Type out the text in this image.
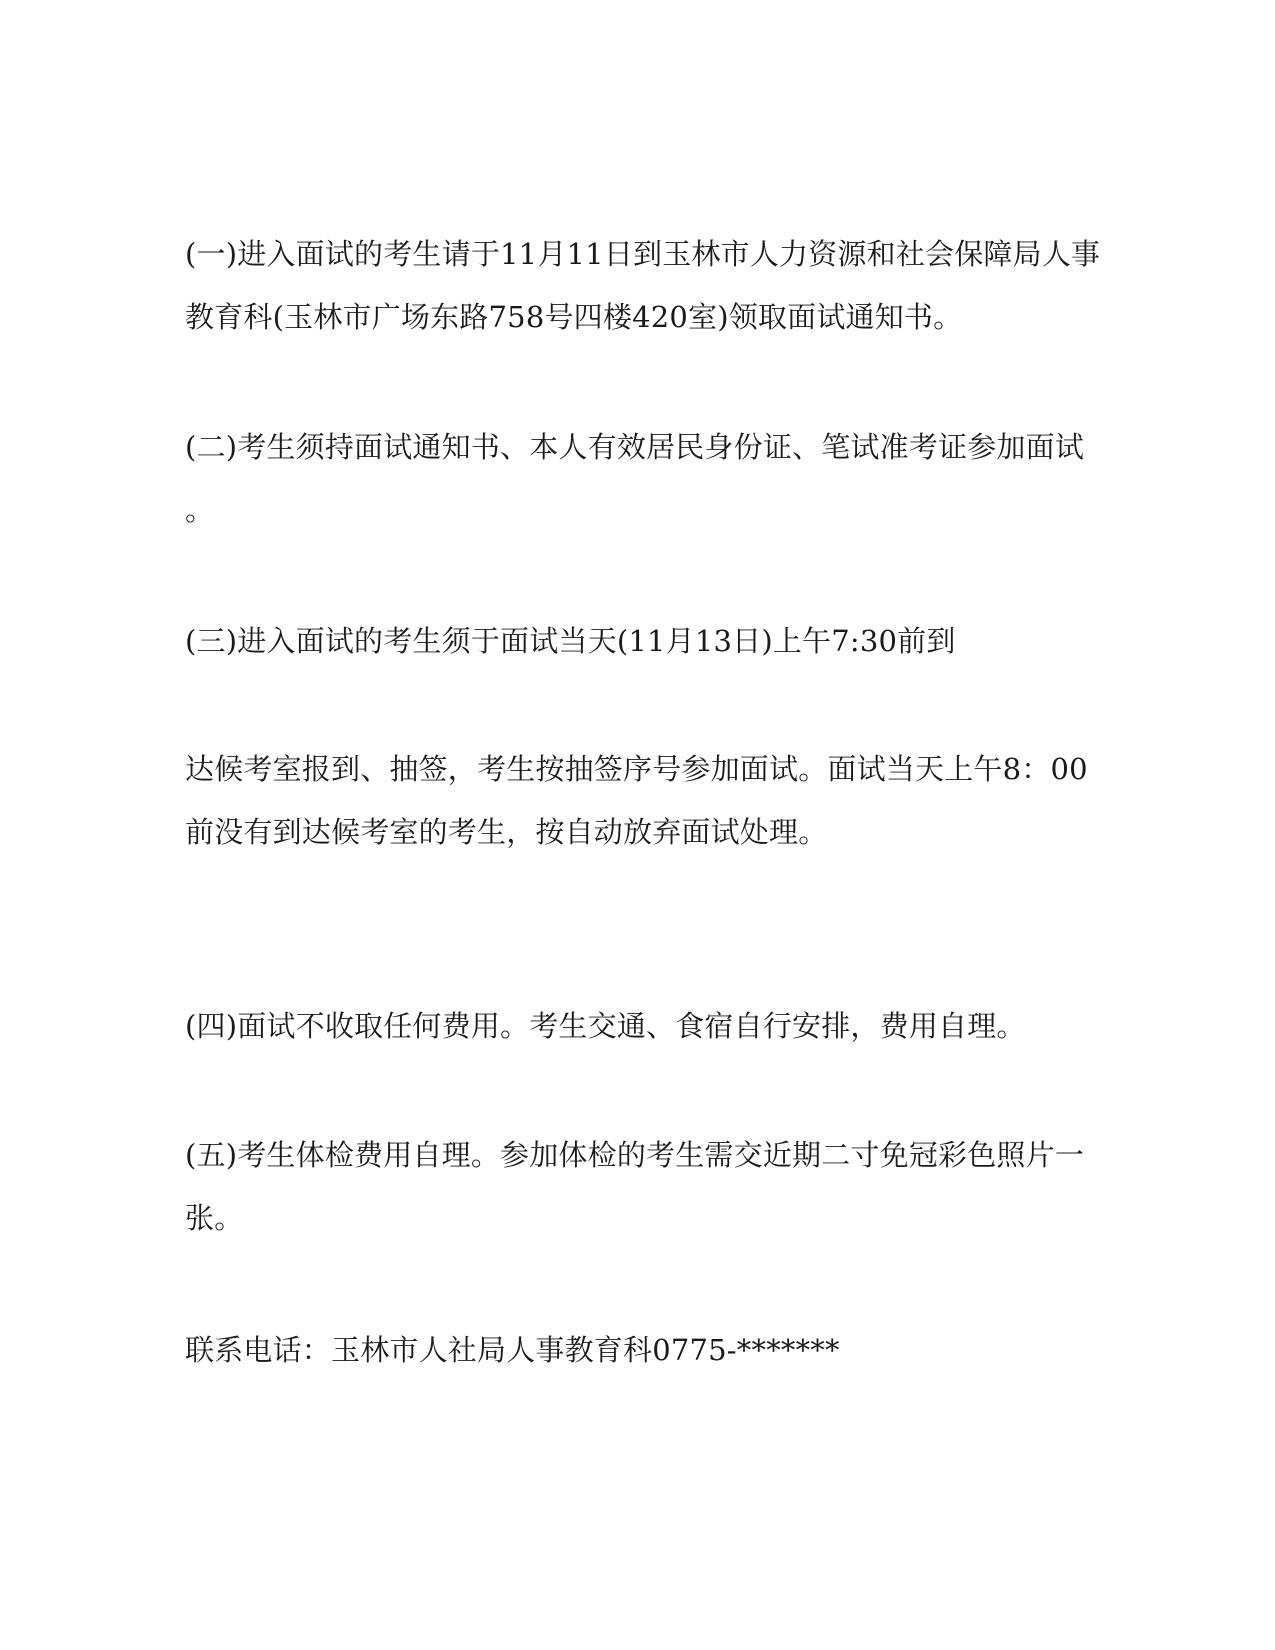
(一)进入面试的考生请于11月11日到玉林市人力资源和社会保障局人事
教育科(玉林市广场东路758号四楼420室)领取面试通知书。
(二)考生须持面试通知书、本人有效居民身份证、笔试准考证参加面试
。
(三)进入面试的考生须于面试当天(11月13日)上午7:30前到
达候考室报到、抽签，考生按抽签序号参加面试。面试当天上午8：00
前没有到达候考室的考生，按自动放弃面试处理。
(四)面试不收取任何费用。考生交通、食宿自行安排，费用自理。
(五)考生体检费用自理。参加体检的考生需交近期二寸免冠彩色照片一
张。
联系电话：玉林市人社局人事教育科0775-*******
